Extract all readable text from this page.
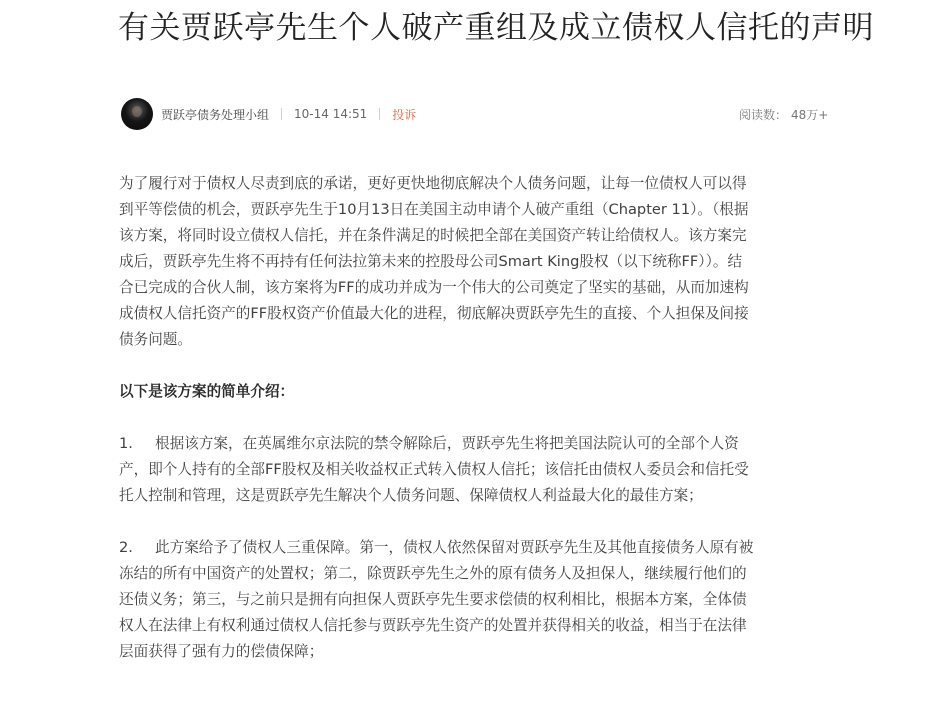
有关贾跃亭先生个人破产重组及成立债权人信托的声明
贾跃亭债务处理小组 10-14 14:51 投诉	阅读数： 48万+

为了履行对于债权人尽责到底的承诺，更好更快地彻底解决个人债务问题，让每一位债权人可以得
到平等偿债的机会，贾跃亭先生于10月13日在美国主动申请个人破产重组（Chapter 11）。（根据
该方案，将同时设立债权人信托，并在条件满足的时候把全部在美国资产转让给债权人。该方案完
成后，贾跃亭先生将不再持有任何法拉第未来的控股母公司Smart King股权（以下统称FF））。结
合已完成的合伙人制，该方案将为FF的成功并成为一个伟大的公司奠定了坚实的基础，从而加速构
成债权人信托资产的FF股权资产价值最大化的进程，彻底解决贾跃亭先生的直接、个人担保及间接
债务问题。

以下是该方案的简单介绍：

1. 根据该方案，在英属维尔京法院的禁令解除后，贾跃亭先生将把美国法院认可的全部个人资
产，即个人持有的全部FF股权及相关收益权正式转入债权人信托；该信托由债权人委员会和信托受
托人控制和管理，这是贾跃亭先生解决个人债务问题、保障债权人利益最大化的最佳方案；

2. 此方案给予了债权人三重保障。第一，债权人依然保留对贾跃亭先生及其他直接债务人原有被
冻结的所有中国资产的处置权；第二，除贾跃亭先生之外的原有债务人及担保人，继续履行他们的
还债义务；第三，与之前只是拥有向担保人贾跃亭先生要求偿债的权利相比，根据本方案，全体债
权人在法律上有权利通过债权人信托参与贾跃亭先生资产的处置并获得相关的收益，相当于在法律
层面获得了强有力的偿债保障；
